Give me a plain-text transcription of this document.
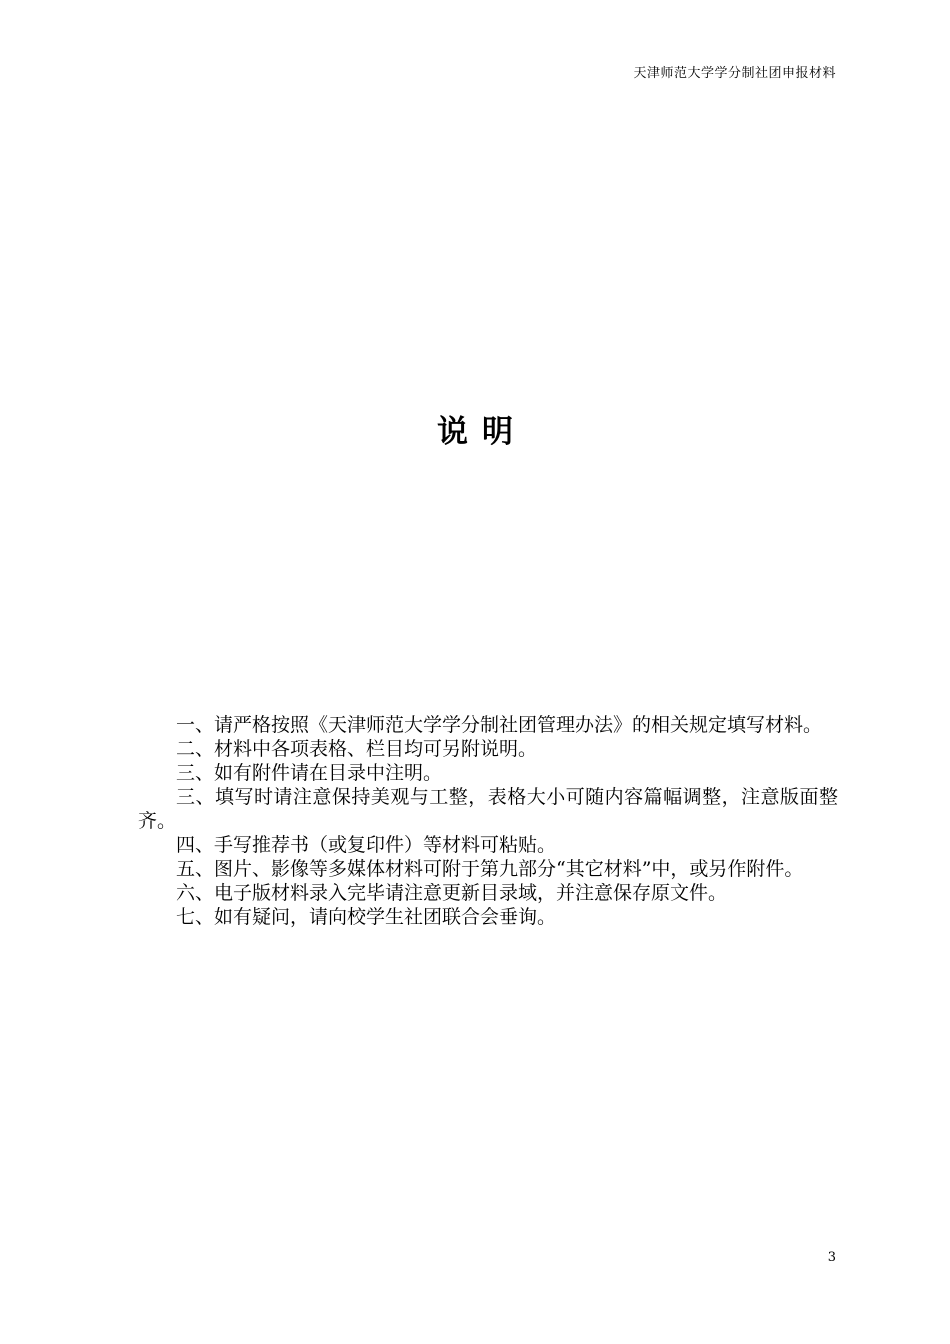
天津师范大学学分制社团申报材料
说明

一、请严格按照《天津师范大学学分制社团管理办法》的相关规定填写材料。

二、材料中各项表格、栏目均可另附说明。

三、如有附件请在目录中注明。

三、填写时请注意保持美观与工整，表格大小可随内容篇幅调整，注意版面整齐。

四、手写推荐书（或复印件）等材料可粘贴。

五、图片、影像等多媒体材料可附于第九部分“其它材料”中，或另作附件。

六、电子版材料录入完毕请注意更新目录域，并注意保存原文件。

七、如有疑问，请向校学生社团联合会垂询。

3
